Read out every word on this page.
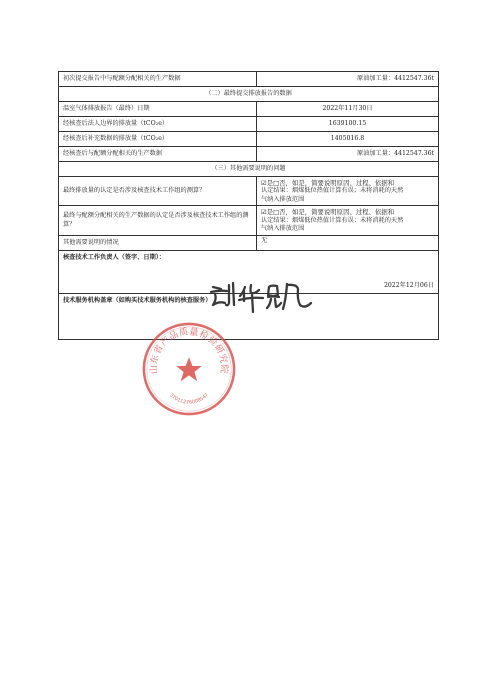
初次提交报告中与配额分配相关的生产数据	原油加工量：4412547.36t
（二）最终提交排放报告的数据	
温室气体排放报告（最终）日期	2022年11月30日
经核查后法人边界的排放量（tCO₂e）	1639100.15
经核查后补充数据的排放量（tCO₂e）	1405016.8
经核查后与配额分配相关的生产数据	原油加工量：4412547.36t
（三）其他需要说明的问题	
最终排放量的认定是否涉及核查技术工作组的测算？	☑是□否，如是，简要说明原因、过程、依据和
认定结果：烟煤低位热值计算有误；未将消耗的天然
气纳入排放范围

最终与配额分配相关的生产数据的认定是否涉及核查技术工作组的测算？	☑是□否，如是，简要说明原因、过程、依据和
认定结果：烟煤低位热值计算有误；未将消耗的天然
气纳入排放范围

其他需要说明的情况	无

核查技术工作负责人（签字、日期）：
2022年12月06日	

技术服务机构盖章（如购买技术服务机构的核查服务）	
山东省产品质量检验研究院
37011276008547
